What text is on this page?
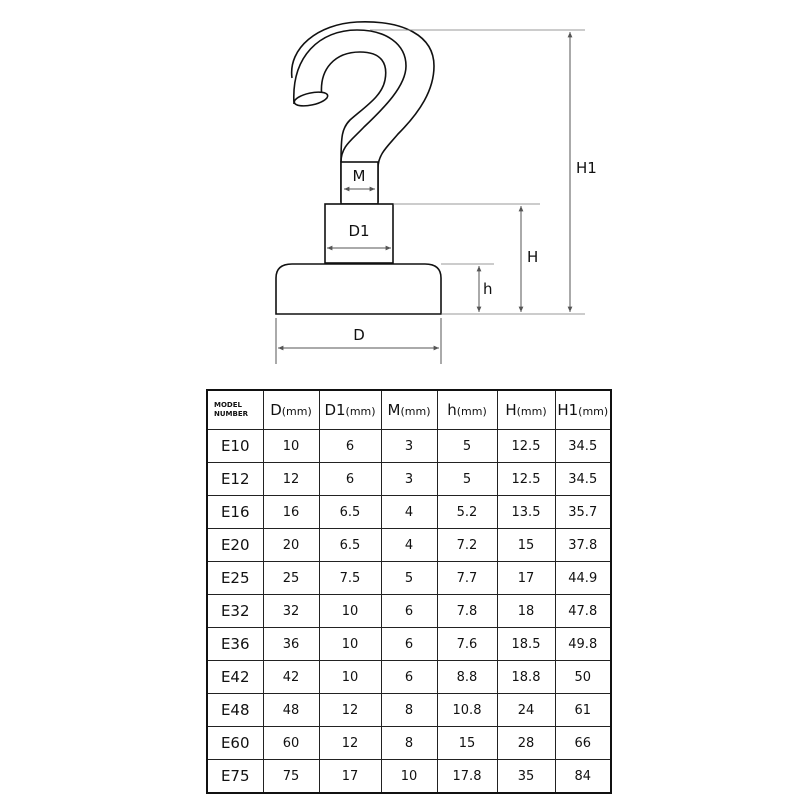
M
D1
D
h
H
H1
MODEL
NUMBER	D(mm)	D1(mm)	M(mm)	h(mm)	H(mm)	H1(mm)
E10	10	6	3	5	12.5	34.5
E12	12	6	3	5	12.5	34.5
E16	16	6.5	4	5.2	13.5	35.7
E20	20	6.5	4	7.2	15	37.8
E25	25	7.5	5	7.7	17	44.9
E32	32	10	6	7.8	18	47.8
E36	36	10	6	7.6	18.5	49.8
E42	42	10	6	8.8	18.8	50
E48	48	12	8	10.8	24	61
E60	60	12	8	15	28	66
E75	75	17	10	17.8	35	84
